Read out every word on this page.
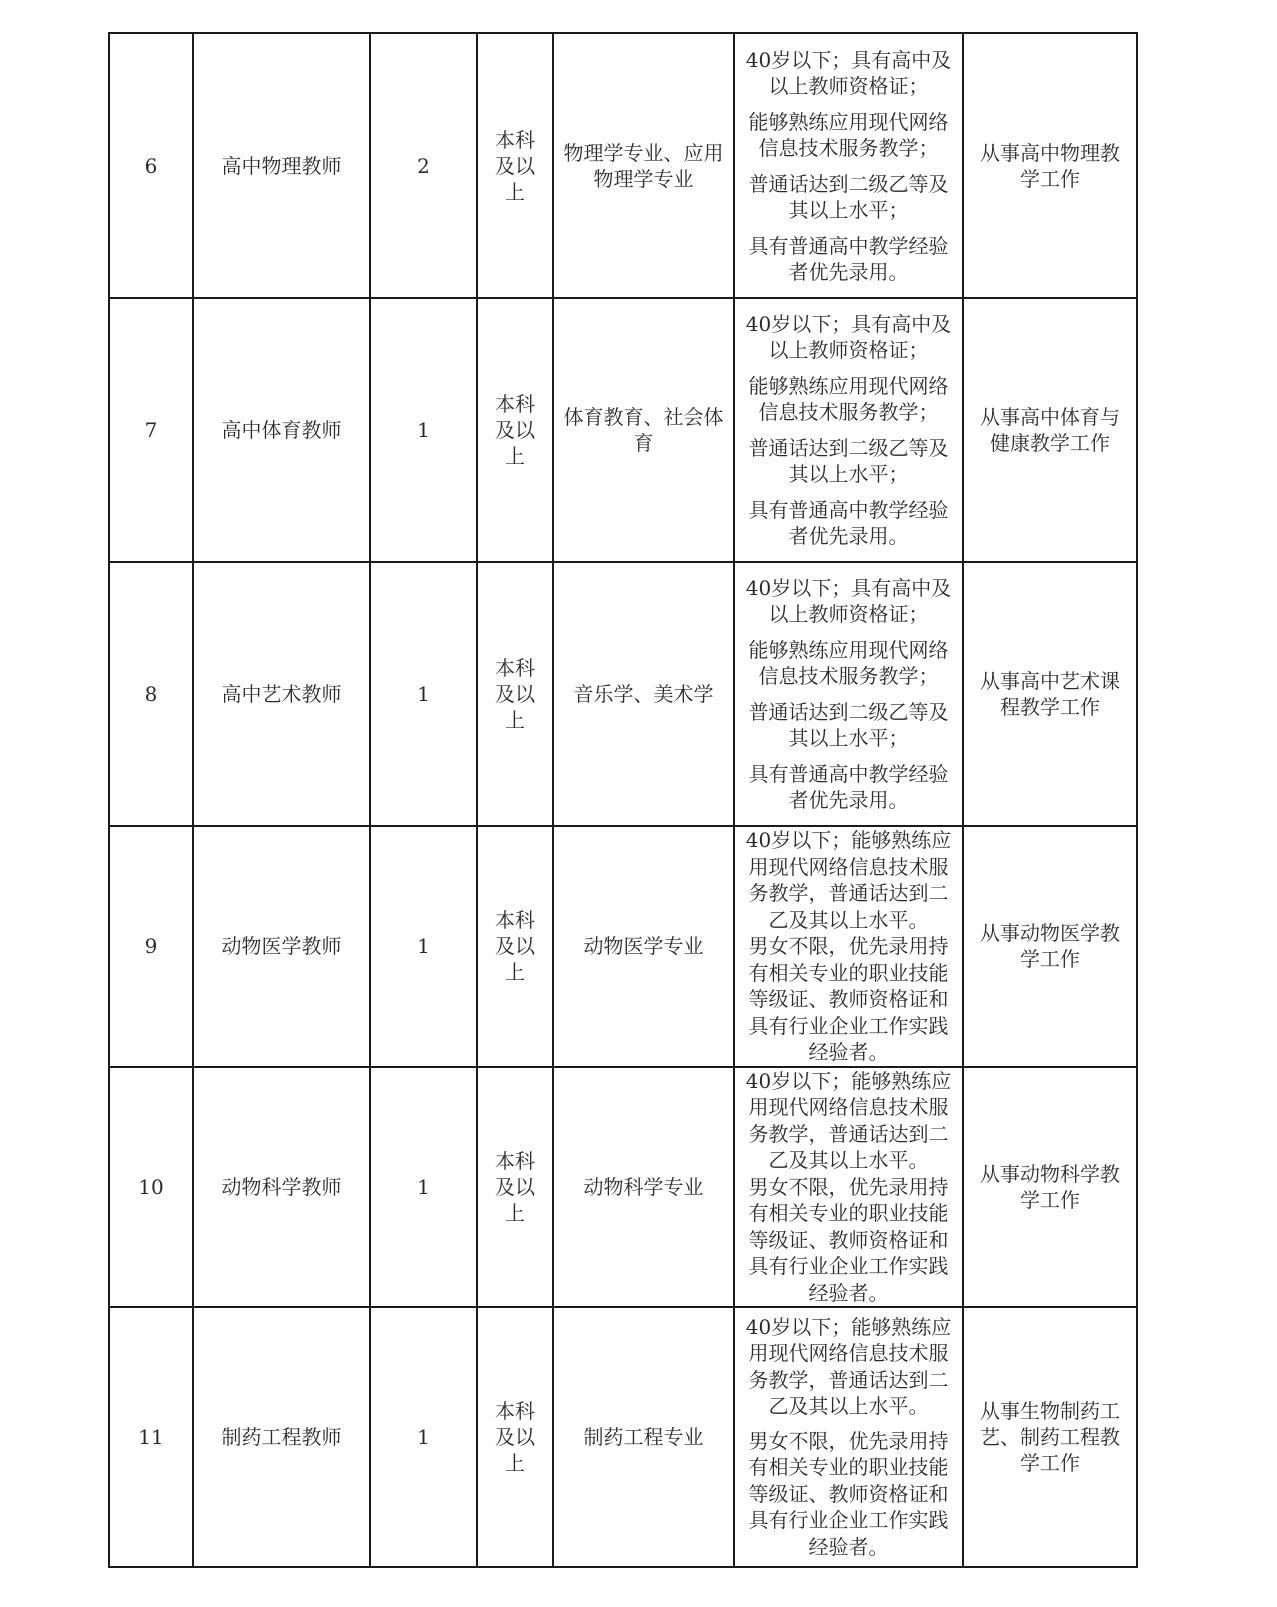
6	高中物理教师	2	本科及以上	物理学专业、应用物理学专业	40岁以下；具有高中及以上教师资格证；

能够熟练应用现代网络信息技术服务教学；

普通话达到二级乙等及其以上水平；

具有普通高中教学经验者优先录用。	从事高中物理教学工作
7	高中体育教师	1	本科及以上	体育教育、社会体育	40岁以下；具有高中及以上教师资格证；

能够熟练应用现代网络信息技术服务教学；

普通话达到二级乙等及其以上水平；

具有普通高中教学经验者优先录用。	从事高中体育与健康教学工作
8	高中艺术教师	1	本科及以上	音乐学、美术学	40岁以下；具有高中及以上教师资格证；

能够熟练应用现代网络信息技术服务教学；

普通话达到二级乙等及其以上水平；

具有普通高中教学经验者优先录用。	从事高中艺术课程教学工作
9	动物医学教师	1	本科及以上	动物医学专业	40岁以下；能够熟练应用现代网络信息技术服务教学，普通话达到二乙及其以上水平。

男女不限，优先录用持有相关专业的职业技能等级证、教师资格证和具有行业企业工作实践经验者。	从事动物医学教学工作
10	动物科学教师	1	本科及以上	动物科学专业	40岁以下；能够熟练应用现代网络信息技术服务教学，普通话达到二乙及其以上水平。

男女不限，优先录用持有相关专业的职业技能等级证、教师资格证和具有行业企业工作实践经验者。	从事动物科学教学工作
11	制药工程教师	1	本科及以上	制药工程专业	40岁以下；能够熟练应用现代网络信息技术服务教学，普通话达到二乙及其以上水平。

男女不限，优先录用持有相关专业的职业技能等级证、教师资格证和具有行业企业工作实践经验者。	从事生物制药工艺、制药工程教学工作
